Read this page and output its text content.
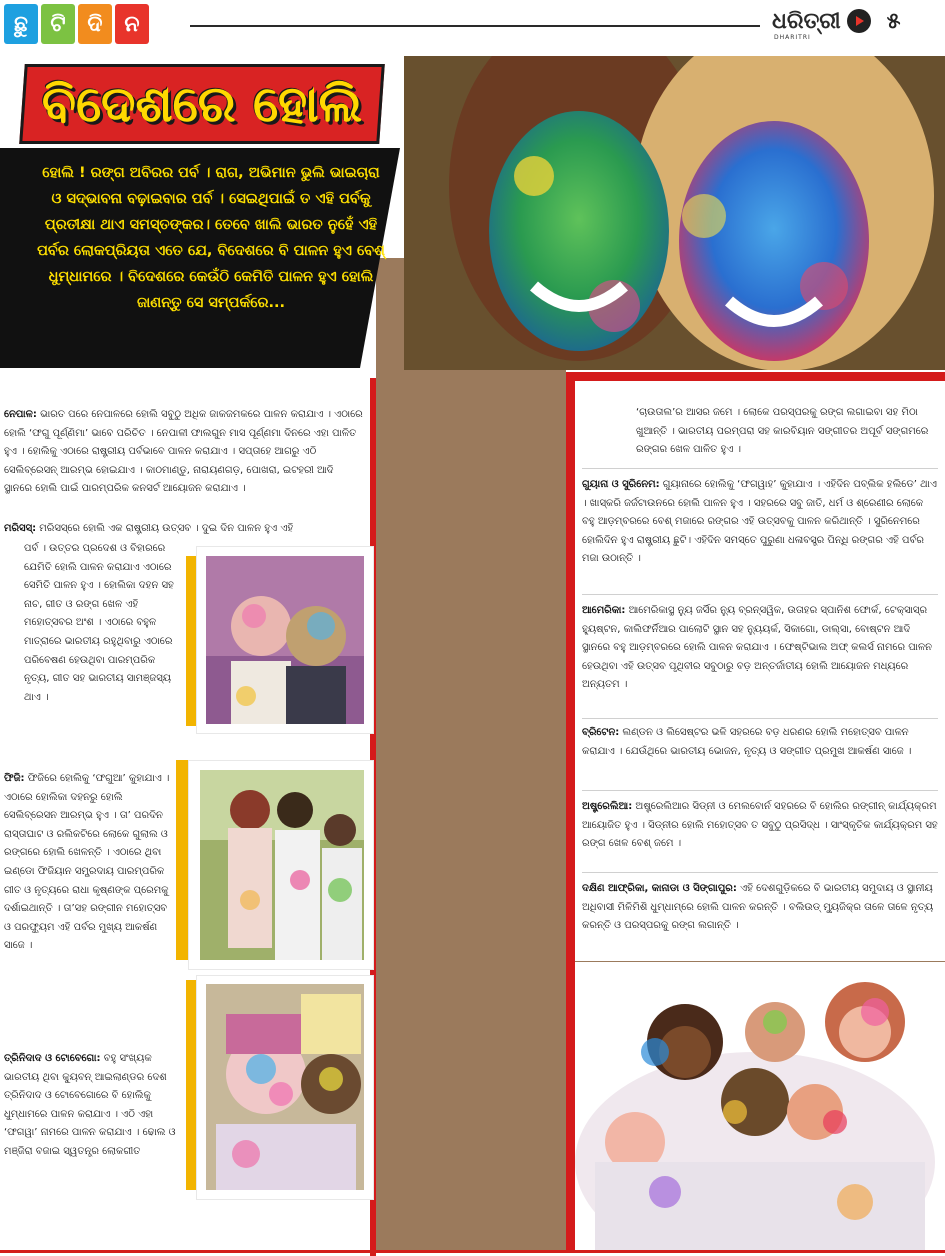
ଛୁ	ଟି ଦି ନ	ଧରିତ୍ରୀ
DHARITRI
୫
ବିଦେଶରେ ହୋଲି
ହୋଲି ! ରଙ୍ଗ ଅବିରର ପର୍ବ । ରାଗ, ଅଭିମାନ ଭୁଲି ଭାଇଚାରା ଓ ସଦ୍ଭାବନା ବଢ଼ାଇବାର ପର୍ବ । ସେଇଥିପାଇଁ ତ ଏହି ପର୍ବକୁ ପ୍ରତୀକ୍ଷା ଥାଏ ସମସ୍ତଙ୍କର। ତେବେ ଖାଲି ଭାରତ ନୁହେଁ ଏହି ପର୍ବର ଲୋକପ୍ରିୟତା ଏତେ ଯେ, ବିଦେଶରେ ବି ପାଳନ ହୁଏ ବେଶ୍ ଧୁମ୍‌ଧାମରେ । ବିଦେଶରେ କେଉଁଠି କେମିତି ପାଳନ ହୁଏ ହୋଲି ଜାଣନ୍ତୁ ସେ ସମ୍ପର୍କରେ...
ନେପାଳ: ଭାରତ ପରେ ନେପାଳରେ ହୋଲି ସବୁଠୁ ଅଧିକ ଜାକଜମକରେ ପାଳନ କରାଯାଏ । ଏଠାରେ ହୋଲି ‘ଫଗୁ ପୂର୍ଣ୍ଣିମା’ ଭାବେ ପରିଚିତ । ନେପାଳୀ ଫାଲଗୁନ ମାସ ପୂର୍ଣ୍ଣମା ଦିନରେ ଏହା ପାଳିତ ହୁଏ । ହୋଲିକୁ ଏଠାରେ ରାଷ୍ଟ୍ରୀୟ ପର୍ବଭାବେ ପାଳନ କରାଯାଏ । ସପ୍ତାହେ ଆଗରୁ ଏଠି ସେଲିବ୍ରେସନ୍ ଆରମ୍ଭ ହୋଇଯାଏ । କାଠମାଣ୍ଡୁ, ନାରାୟଣଗଡ଼, ପୋଖରା, ଇଟହରୀ ଆଦି ସ୍ଥାନରେ ହୋଲି ପାଇଁ ପାରମ୍ପରିକ କନସର୍ଟ ଆୟୋଜନ କରାଯାଏ ।
ମରିସସ୍: ମରିସସ୍‌ରେ ହୋଲି ଏକ ରାଷ୍ଟ୍ରୀୟ ଉତ୍ସବ । ଦୁଇ ଦିନ ପାଳନ ହୁଏ ଏହି
ପର୍ବ । ଉତ୍ତର ପ୍ରଦେଶ ଓ ବିହାରରେ ଯେମିତି ହୋଲି ପାଳନ କରାଯାଏ ଏଠାରେ ସେମିତି ପାଳନ ହୁଏ । ହୋଲିକା ଦହନ ସହ ନାଚ, ଗୀତ ଓ ରଙ୍ଗ ଖେଳ ଏହି ମହୋତ୍ସବର ଅଂଶ । ଏଠାରେ ବହୁଳ ମାତ୍ରାରେ ଭାରତୀୟ ରହୁଥିବାରୁ ଏଠାରେ ପରିବେଷଣ ହେଉଥିବା ପାରମ୍ପରିକ ନୃତ୍ୟ, ଗୀତ ସହ ଭାରତୀୟ ସାମଞ୍ଜସ୍ୟ ଥାଏ ।
ଫିଜି: ଫିଜିରେ ହୋଲିକୁ ‘ଫଗୁଆ’ କୁହାଯାଏ । ଏଠାରେ ହୋଲିକା ଦହନରୁ ହୋଲି ସେଲିବ୍ରେସନ ଆରମ୍ଭ ହୁଏ । ତା’ ପରଦିନ ରାସ୍ତାଘାଟ ଓ ରଲିକଟିରେ ଲୋକେ ଗୁଲାଲ ଓ ରଙ୍ଗରେ ହୋଲି ଖେଳନ୍ତି । ଏଠାରେ ଥିବା ଇଣ୍ଡୋ ଫିଜିୟାନ ସମ୍ପ୍ରଦାୟ ପାରମ୍ପରିକ ଗୀତ ଓ ନୃତ୍ୟରେ ରାଧା କୃଷ୍ଣଙ୍କ ପ୍ରେମକୁ ଦର୍ଶାଇଥାନ୍ତି । ତା’ସହ ରଙ୍ଗୀନ ମହୋତ୍ସବ ଓ ପରଫ୍ୟୁମ ଏହି ପର୍ବର ମୁଖ୍ୟ ଆକର୍ଷଣ ସାଜେ ।
ତ୍ରିନିଦାଦ ଓ ଟୋବେଗୋ: ବହୁ ସଂଖ୍ୟକ ଭାରତୀୟ ଥିବା କ୍ୟୁବନ୍ ଆଇଲାଣ୍ଡର ଦେଶ ତ୍ରିନିଦାଦ ଓ ଟୋବେଗୋରେ ବି ହୋଲିକୁ ଧୁମ୍‌ଧାମରେ ପାଳନ କରାଯାଏ । ଏଠି ଏହା ‘ଫଗୱା’ ନାମରେ ପାଳନ କରାଯାଏ । ଢୋଲ ଓ ମଞ୍ଜିରା ବଜାଇ ସ୍ୱତନ୍ତ୍ର ଲୋକଗୀତ
‘ଚାଉତାଲ’ର ଆସର ଜମେ । ଲୋକେ ପରସ୍ପରକୁ ରଙ୍ଗ ଲଗାଇବା ସହ ମିଠା ଖୁଆନ୍ତି । ଭାରତୀୟ ପରମ୍ପରା ସହ କାରବିୟାନ ସଙ୍ଗୀତର ଅପୂର୍ବ ସଙ୍ଗମରେ ରଙ୍ଗର ଖେଳ ପାଳିତ ହୁଏ ।
ଗୁୟାନା ଓ ସୁରିନେମ: ଗୁୟାନାରେ ହୋଲିକୁ ‘ଫଗୱାହ’ କୁହାଯାଏ । ଏହିଦିନ ପବ୍ଲିକ ହଲିଡେ’ ଥାଏ । ଖାସ୍‌କରି ଜର୍ଜଟାଉନରେ ହୋଲି ପାଳନ ହୁଏ । ସହରରେ ସବୁ ଜାତି, ଧର୍ମ ଓ ଶ୍ରେଣୀର ଲୋକେ ବହୁ ଆଡ଼ମ୍ବରରେ ବେଶ୍ ମଜାରେ ରଙ୍ଗର ଏହି ଉତ୍ସବକୁ ପାଳନ କରିଥାନ୍ତି । ସୁରିନେମରେ ହୋଲିଦିନ ହୁଏ ରାଷ୍ଟ୍ରୀୟ ଛୁଟି। ଏହିଦିନ ସମସ୍ତେ ପୁରୁଣା ଧଳାବସ୍ତ୍ର ପିନ୍ଧି ରଙ୍ଗର ଏହି ପର୍ବର ମଜା ଉଠାନ୍ତି ।
ଆମେରିକା: ଆମେରିକାସ୍ଥ ନ୍ୟୁ ଜର୍ସିର ନ୍ୟୁ ବ୍ରନ୍ସୱିକ, ଉତାହର ସ୍ପାନିଶ ଫୋର୍କ, ଟେକ୍ସାସ୍‌ର ହ୍ୟୁଷ୍ଟନ, କାଲିଫର୍ନିଆର ପାଲୋଟି ସ୍ଥାନ ସହ ନ୍ୟୁୟର୍କ, ସିକାଗୋ, ଡାଲ୍ସା, ବୋଷ୍ଟନ ଆଦି ସ୍ଥାନରେ ବହୁ ଆଡ଼ମ୍ବରରେ ହୋଲି ପାଳନ କରାଯାଏ । ଫେଷ୍ଟିଭାଲ ଅଫ୍ କଲର୍ସ ନାମରେ ପାଳନ ହେଉଥିବା ଏହି ଉତ୍ସବ ପୃଥିବୀର ସବୁଠାରୁ ବଡ଼ ଅନ୍ତର୍ଜାତୀୟ ହୋଲି ଆୟୋଜନ ମଧ୍ୟରେ ଅନ୍ୟତମ ।
ବ୍ରିଟେନ: ଲଣ୍ଡନ ଓ ଲିସେଷ୍ଟର ଭଳି ସହରରେ ବଡ଼ ଧରଣର ହୋଲି ମହୋତ୍ସବ ପାଳନ କରାଯାଏ । ଯେଉଁଥିରେ ଭାରତୀୟ ଭୋଜନ, ନୃତ୍ୟ ଓ ସଙ୍ଗୀତ ପ୍ରମୁଖ ଆକର୍ଷଣ ସାଜେ ।
ଅଷ୍ଟ୍ରେଲିଆ: ଅଷ୍ଟ୍ରେଲିଆର ସିଡ୍‌ନୀ ଓ ମେଲବୋର୍ନ ସହରରେ ବି ହୋଲିର ରଙ୍ଗୀନ୍ କାର୍ଯ୍ୟକ୍ରମ ଆୟୋଜିତ ହୁଏ । ସିଡ୍‌ନୀର ହୋଲି ମହୋତ୍ସବ ତ ସବୁଠୁ ପ୍ରସିଦ୍ଧ । ସାଂସ୍କୃତିକ କାର୍ଯ୍ୟକ୍ରମ ସହ ରଙ୍ଗ ଖେଳ ବେଶ୍ ଜମେ ।
ଦକ୍ଷିଣ ଆଫ୍ରିକା, କାନାଡା ଓ ସିଙ୍ଗାପୁର: ଏହି ଦେଶଗୁଡ଼ିକରେ ବି ଭାରତୀୟ ସମୁଦାୟ ଓ ସ୍ଥାନୀୟ ଅଧିବାସୀ ମିଳିମିଶି ଧୁମ୍‌ଧାମ୍‌ରେ ହୋଲି ପାଳନ କରନ୍ତି । ବଲିଉଡ୍ ମ୍ୟୁଜିକ୍‌ର ତାଳେ ତାଳେ ନୃତ୍ୟ କରନ୍ତି ଓ ପରସ୍ପରକୁ ରଙ୍ଗ ଲଗାନ୍ତି ।
